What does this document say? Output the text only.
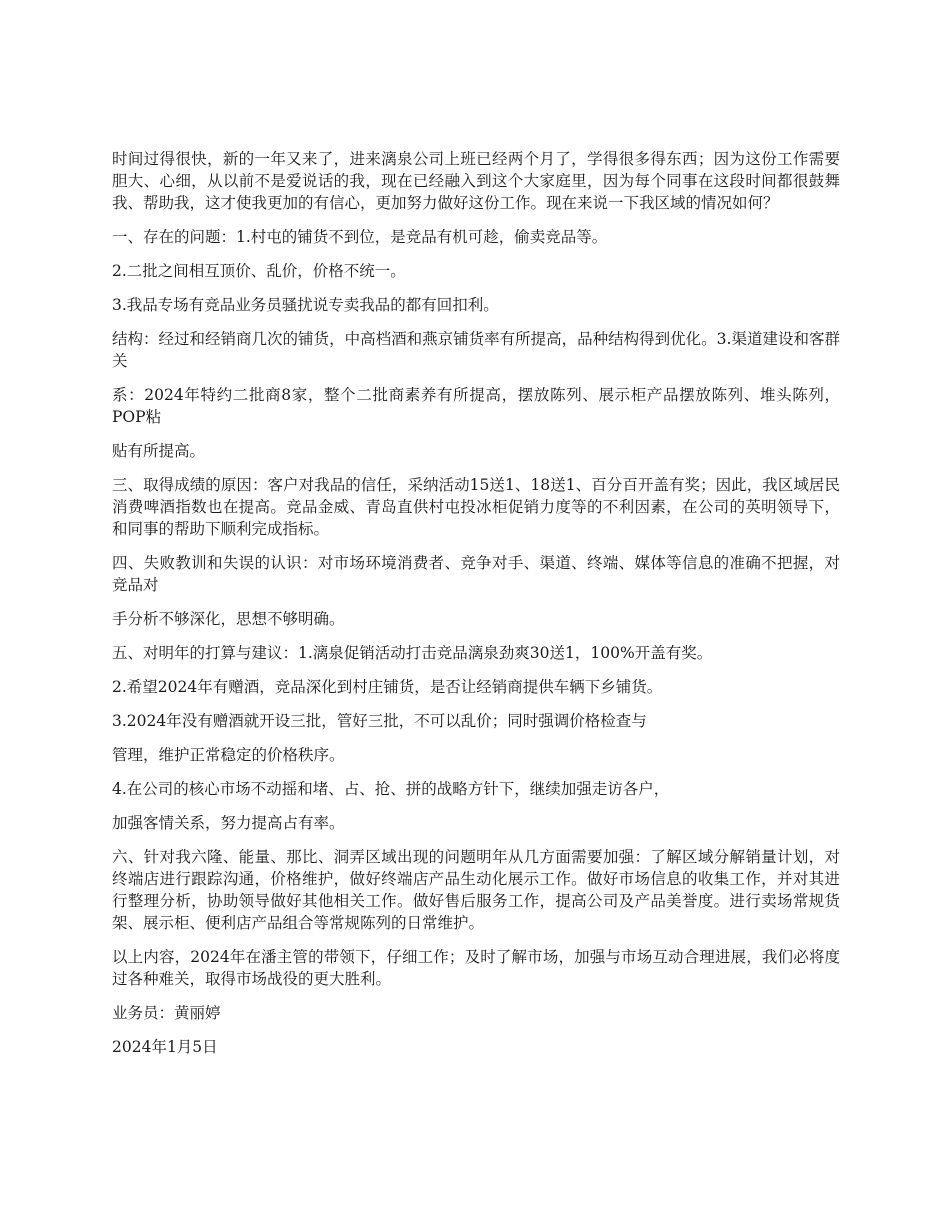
时间过得很快，新的一年又来了，进来漓泉公司上班已经两个月了，学得很多得东西；因为这份工作需要胆大、心细，从以前不是爱说话的我，现在已经融入到这个大家庭里，因为每个同事在这段时间都很鼓舞我、帮助我，这才使我更加的有信心，更加努力做好这份工作。现在来说一下我区域的情况如何？

一、存在的问题：1.村屯的铺货不到位，是竞品有机可趁，偷卖竞品等。

2.二批之间相互顶价、乱价，价格不统一。

3.我品专场有竞品业务员骚扰说专卖我品的都有回扣利。

结构：经过和经销商几次的铺货，中高档酒和燕京铺货率有所提高，品种结构得到优化。3.渠道建设和客群关

系：2024年特约二批商8家，整个二批商素养有所提高，摆放陈列、展示柜产品摆放陈列、堆头陈列，POP粘

贴有所提高。

三、取得成绩的原因：客户对我品的信任，采纳活动15送1、18送1、百分百开盖有奖；因此，我区域居民消费啤酒指数也在提高。竞品金威、青岛直供村屯投冰柜促销力度等的不利因素，在公司的英明领导下，和同事的帮助下顺利完成指标。

四、失败教训和失误的认识：对市场环境消费者、竞争对手、渠道、终端、媒体等信息的准确不把握，对竞品对

手分析不够深化，思想不够明确。

五、对明年的打算与建议：1.漓泉促销活动打击竞品漓泉劲爽30送1，100%开盖有奖。

2.希望2024年有赠酒，竞品深化到村庄铺货，是否让经销商提供车辆下乡铺货。

3.2024年没有赠酒就开设三批，管好三批，不可以乱价；同时强调价格检查与

管理，维护正常稳定的价格秩序。

4.在公司的核心市场不动摇和堵、占、抢、拼的战略方针下，继续加强走访各户，

加强客情关系，努力提高占有率。

六、针对我六隆、能量、那比、洞弄区域出现的问题明年从几方面需要加强：了解区域分解销量计划，对终端店进行跟踪沟通，价格维护，做好终端店产品生动化展示工作。做好市场信息的收集工作，并对其进行整理分析，协助领导做好其他相关工作。做好售后服务工作，提高公司及产品美誉度。进行卖场常规货架、展示柜、便利店产品组合等常规陈列的日常维护。

以上内容，2024年在潘主管的带领下，仔细工作；及时了解市场，加强与市场互动合理进展，我们必将度过各种难关，取得市场战役的更大胜利。

业务员：黄丽婷

2024年1月5日
